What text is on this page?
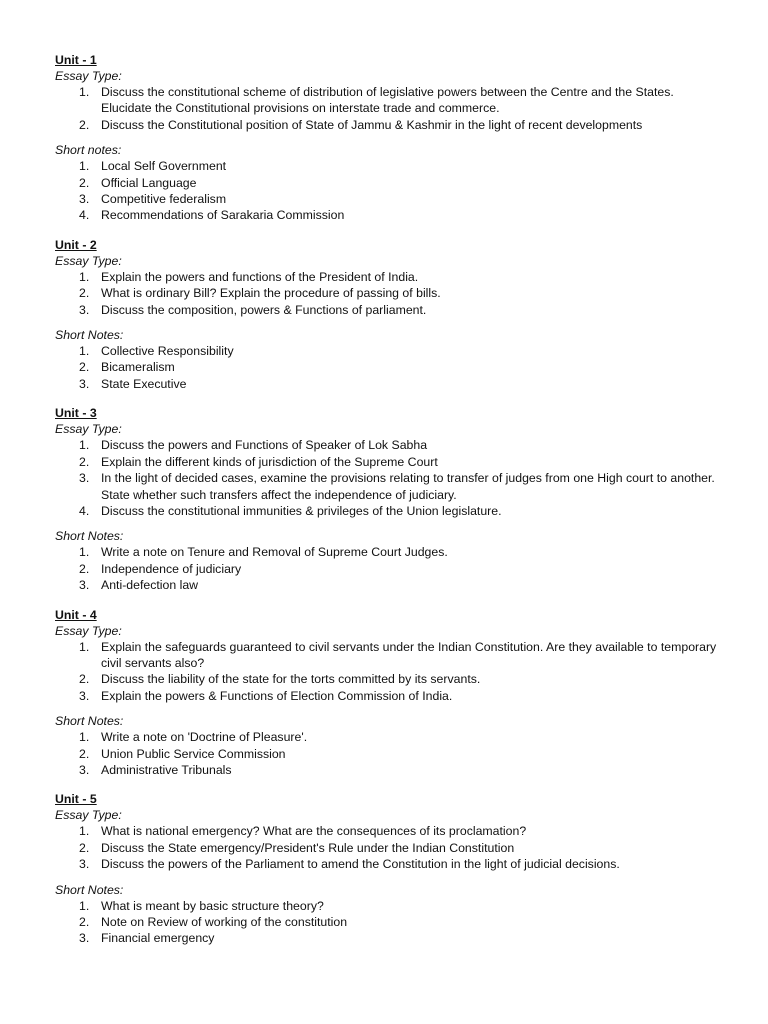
Unit - 1
Essay Type:
1. Discuss the constitutional scheme of distribution of legislative powers between the Centre and the States. Elucidate the Constitutional provisions on interstate trade and commerce.
2. Discuss the Constitutional position of State of Jammu & Kashmir in the light of recent developments
Short notes:
1. Local Self Government
2. Official Language
3. Competitive federalism
4. Recommendations of Sarakaria Commission
Unit - 2
Essay Type:
1. Explain the powers and functions of the President of India.
2. What is ordinary Bill? Explain the procedure of passing of bills.
3. Discuss the composition, powers & Functions of parliament.
Short Notes:
1. Collective Responsibility
2. Bicameralism
3. State Executive
Unit - 3
Essay Type:
1. Discuss the powers and Functions of Speaker of Lok Sabha
2. Explain the different kinds of jurisdiction of the Supreme Court
3. In the light of decided cases, examine the provisions relating to transfer of judges from one High court to another. State whether such transfers affect the independence of judiciary.
4. Discuss the constitutional immunities & privileges of the Union legislature.
Short Notes:
1. Write a note on Tenure and Removal of Supreme Court Judges.
2. Independence of judiciary
3. Anti-defection law
Unit - 4
Essay Type:
1. Explain the safeguards guaranteed to civil servants under the Indian Constitution. Are they available to temporary civil servants also?
2. Discuss the liability of the state for the torts committed by its servants.
3. Explain the powers & Functions of Election Commission of India.
Short Notes:
1. Write a note on 'Doctrine of Pleasure'.
2. Union Public Service Commission
3. Administrative Tribunals
Unit - 5
Essay Type:
1. What is national emergency? What are the consequences of its proclamation?
2. Discuss the State emergency/President's Rule under the Indian Constitution
3. Discuss the powers of the Parliament to amend the Constitution in the light of judicial decisions.
Short Notes:
1. What is meant by basic structure theory?
2. Note on Review of working of the constitution
3. Financial emergency
